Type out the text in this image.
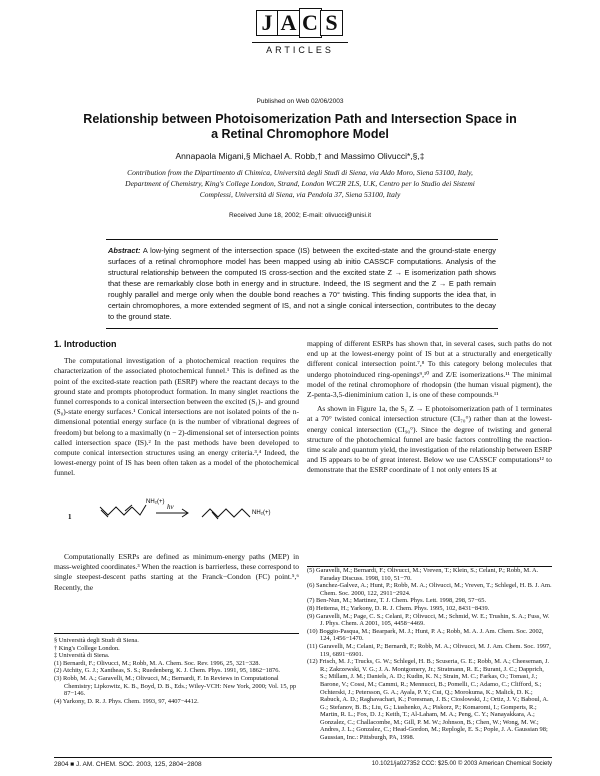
J A C S
ARTICLES
Published on Web 02/06/2003
Relationship between Photoisomerization Path and Intersection Space in a Retinal Chromophore Model
Annapaola Migani,§ Michael A. Robb,† and Massimo Olivucci*,§,‡
Contribution from the Dipartimento di Chimica, Università degli Studi di Siena, via Aldo Moro, Siena 53100, Italy, Department of Chemistry, King's College London, Strand, London WC2R 2LS, U.K, Centro per lo Studio dei Sistemi Complessi, Università di Siena, via Pendola 37, Siena 53100, Italy
Received June 18, 2002; E-mail: olivucci@unisi.it
Abstract: A low-lying segment of the intersection space (IS) between the excited-state and the ground-state energy surfaces of a retinal chromophore model has been mapped using ab initio CASSCF computations. Analysis of the structural relationship between the computed IS cross-section and the excited state Z → E isomerization path shows that these are remarkably close both in energy and in structure. Indeed, the IS segment and the Z → E path remain roughly parallel and merge only when the double bond reaches a 70° twisting. This finding supports the idea that, in certain chromophores, a more extended segment of IS, and not a single conical intersection, contributes to the decay to the ground state.
1. Introduction

The computational investigation of a photochemical reaction requires the characterization of the associated photochemical funnel.¹ This is defined as the point of the excited-state reaction path (ESRP) where the reactant decays to the ground state and prompts photoproduct formation. In many singlet reactions the funnel corresponds to a conical intersection between the excited (S₁)- and ground (S₀)-state energy surfaces.¹ Conical intersections are not isolated points of the n-dimensional potential energy surface (n is the number of vibrational degrees of freedom) but belong to a maximally (n − 2)-dimensional set of intersection points called intersection space (IS).² In the past methods have been developed to compute conical intersection structures using an energy criteria.³,⁴ Indeed, the lowest-energy point of IS has been often taken as a model of the photochemical funnel.

NH₂(+)
hν
NH₂(+)
1

Computationally ESRPs are defined as minimum-energy paths (MEP) in mass-weighted coordinates.³ When the reaction is barrierless, these correspond to single steepest-descent paths starting at the Franck−Condon (FC) point.⁵,⁶ Recently, the

§ Università degli Studi di Siena.
† King's College London.
‡ Università di Siena.
(1) Bernardi, F.; Olivucci, M.; Robb, M. A. Chem. Soc. Rev. 1996, 25, 321−328.
(2) Atchity, G. J.; Xantheas, S. S.; Ruedenberg, K. J. Chem. Phys. 1991, 95, 1862−1876.
(3) Robb, M. A.; Garavelli, M.; Olivucci, M.; Bernardi, F. In Reviews in Computational Chemistry; Lipkowitz, K. B., Boyd, D. B., Eds.; Wiley-VCH: New York, 2000; Vol. 15, pp 87−146.
(4) Yarkony, D. R. J. Phys. Chem. 1993, 97, 4407−4412.

mapping of different ESRPs has shown that, in several cases, such paths do not end up at the lowest-energy point of IS but at a structurally and energetically different conical intersection point.⁷,⁸ To this category belong molecules that undergo photoinduced ring-openings⁹,¹⁰ and Z/E isomerizations.¹¹ The minimal model of the retinal chromophore of rhodopsin (the human visual pigment), the Z-penta-3,5-dieniminium cation 1, is one of these compounds.¹¹

As shown in Figure 1a, the S₁ Z → E photoisomerization path of 1 terminates at a 70° twisted conical intersection structure (CI₇₀°) rather than at the lowest-energy conical intersection (CI₉₀°). Since the degree of twisting and general structure of the photochemical funnel are basic factors controlling the reaction-time scale and quantum yield, the investigation of the relationship between ESRP and IS appears to be of great interest. Below we use CASSCF computations¹² to demonstrate that the ESRP coordinate of 1 not only enters IS at

(5) Garavelli, M.; Bernardi, F.; Olivucci, M.; Vreven, T.; Klein, S.; Celani, P.; Robb, M. A. Faraday Discuss. 1998, 110, 51−70.
(6) Sanchez-Galvez, A.; Hunt, P.; Robb, M. A.; Olivucci, M.; Vreven, T.; Schlegel, H. B. J. Am. Chem. Soc. 2000, 122, 2911−2924.
(7) Ben-Nun, M.; Martinez, T. J. Chem. Phys. Lett. 1998, 298, 57−65.
(8) Hettema, H.; Yarkony, D. R. J. Chem. Phys. 1995, 102, 8431−8439.
(9) Garavelli, M.; Page, C. S.; Celani, P.; Olivucci, M.; Schmid, W. E.; Trushin, S. A.; Fuss, W. J. Phys. Chem. A 2001, 105, 4458−4469.
(10) Boggio-Pasqua, M.; Bearpark, M. J.; Hunt, P. A.; Robb, M. A. J. Am. Chem. Soc. 2002, 124, 1456−1470.
(11) Garavelli, M.; Celani, P.; Bernardi, F.; Robb, M. A.; Olivucci, M. J. Am. Chem. Soc. 1997, 119, 6891−6901.
(12) Frisch, M. J.; Trucks, G. W.; Schlegel, H. B.; Scuseria, G. E.; Robb, M. A.; Cheeseman, J. R.; Zakrzewski, V. G.; J. A. Montgomery, Jr.; Stratmann, R. E.; Burant, J. C.; Dapprich, S.; Millam, J. M.; Daniels, A. D.; Kudin, K. N.; Strain, M. C.; Farkas, O.; Tomasi, J.; Barone, V.; Cossi, M.; Cammi, R.; Mennucci, B.; Pomelli, C.; Adamo, C.; Clifford, S.; Ochterski, J.; Petersson, G. A.; Ayala, P. Y.; Cui, Q.; Morokuma, K.; Malick, D. K.; Rabuck, A. D.; Raghavachari, K.; Foresman, J. B.; Cioslowski, J.; Ortiz, J. V.; Baboul, A. G.; Stefanov, B. B.; Liu, G.; Liashenko, A.; Piskorz, P.; Komaromi, I.; Gomperts, R.; Martin, R. L.; Fox, D. J.; Keith, T.; Al-Laham, M. A.; Peng, C. Y.; Nanayakkara, A.; Gonzalez, C.; Challacombe, M.; Gill, P. M. W.; Johnson, B.; Chen, W.; Wong, M. W.; Andres, J. L.; Gonzalez, C.; Head-Gordon, M.; Replogle, E. S.; Pople, J. A. Gaussian 98; Gaussian, Inc.: Pittsburgh, PA, 1998.
2804 ■ J. AM. CHEM. SOC. 2003, 125, 2804−2808	10.1021/ja027352 CCC: $25.00 © 2003 American Chemical Society
